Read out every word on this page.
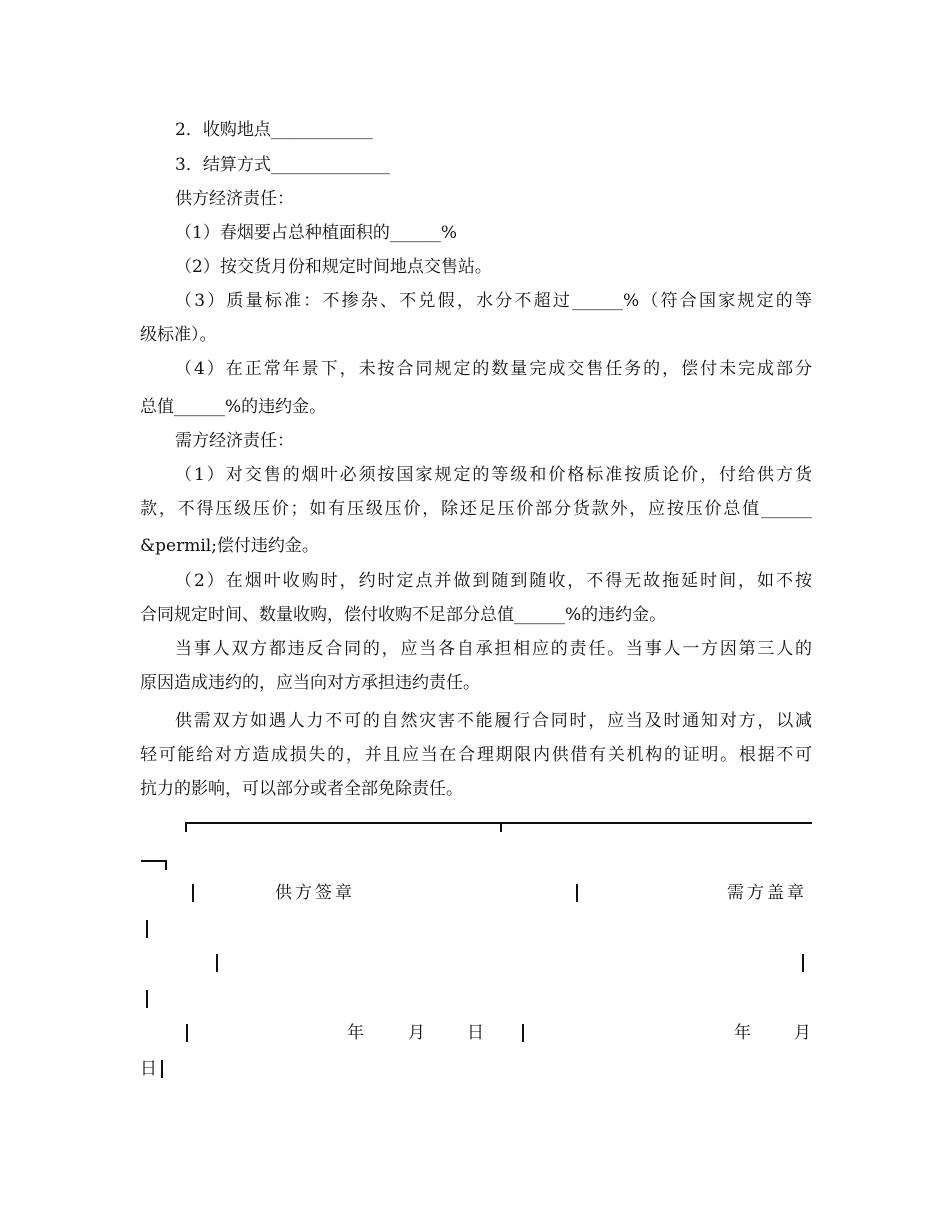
2．收购地点____________
3．结算方式______________
供方经济责任：
（1）春烟要占总种植面积的______%
（2）按交货月份和规定时间地点交售站。
（3）质量标准：不掺杂、不兑假，水分不超过______%（符合国家规定的等
级标准）。
（4）在正常年景下，未按合同规定的数量完成交售任务的，偿付未完成部分
总值______%的违约金。
需方经济责任：
（1）对交售的烟叶必须按国家规定的等级和价格标准按质论价，付给供方货
款，不得压级压价；如有压级压价，除还足压价部分货款外，应按压价总值______
&permil;偿付违约金。
（2）在烟叶收购时，约时定点并做到随到随收，不得无故拖延时间，如不按
合同规定时间、数量收购，偿付收购不足部分总值______%的违约金。
当事人双方都违反合同的，应当各自承担相应的责任。当事人一方因第三人的
原因造成违约的，应当向对方承担违约责任。
供需双方如遇人力不可的自然灾害不能履行合同时，应当及时通知对方，以减
轻可能给对方造成损失的，并且应当在合理期限内供借有关机构的证明。根据不可
抗力的影响，可以部分或者全部免除责任。
供方签章	需方盖章
年	月 日	年	月
日
